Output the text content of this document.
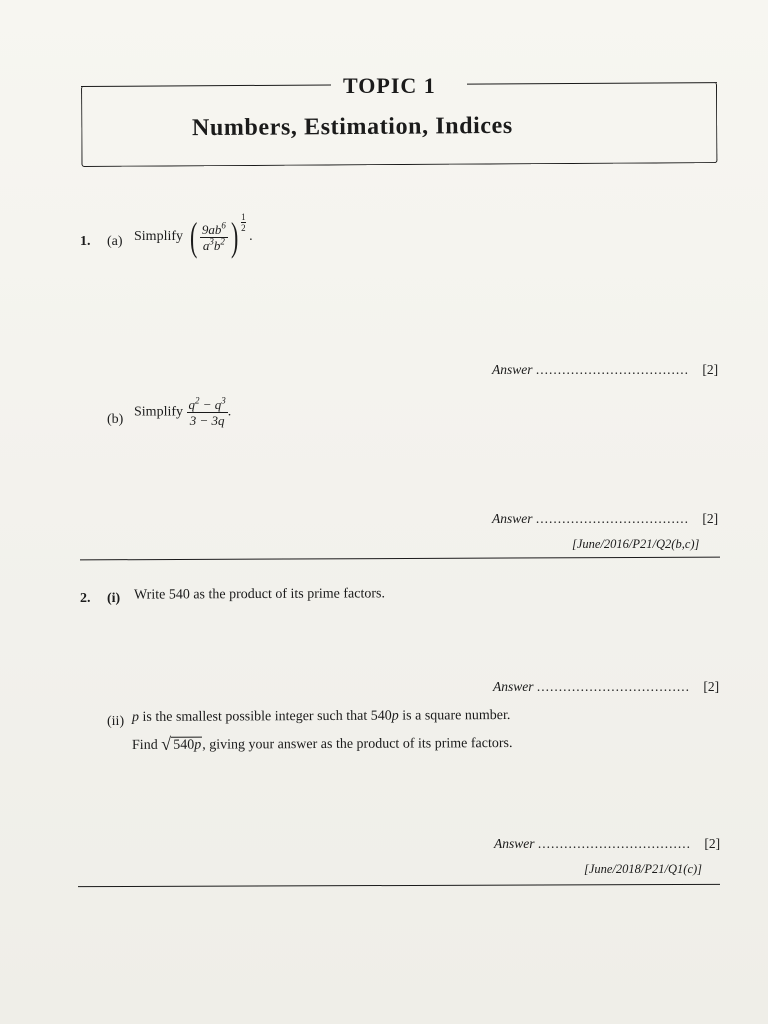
TOPIC 1
Numbers, Estimation, Indices
1. (a) Simplify ( $\frac{9ab^6}{a^3b^2}$ ) $\frac{1}{2}$
.
Answer ................................... [2]
(b) Simplify $\frac{q^2 - q^3}{3 - 3q}$ .
Answer ................................... [2]
[June/2016/P21/Q2(b,c)]
2. (i) Write 540 as the product of its prime factors.
Answer ................................... [2]
(ii) p is the smallest possible integer such that 540p is a square number.
Find √ 540p, giving your answer as the product of its prime factors.
Answer ................................... [2]
[June/2018/P21/Q1(c)]
